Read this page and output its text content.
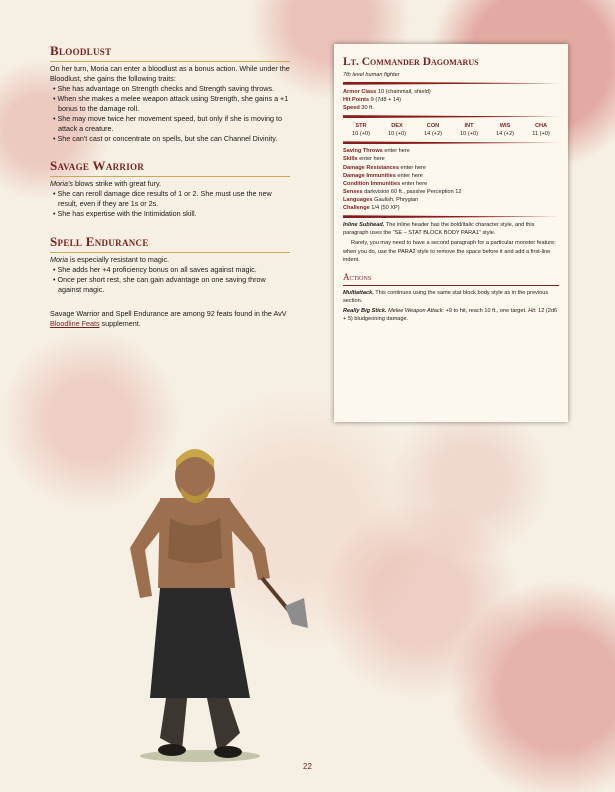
Bloodlust

On her turn, Moria can enter a bloodlust as a bonus action. While under the Bloodlust, she gains the following traits:

• She has advantage on Strength checks and Strength saving throws.
• When she makes a melee weapon attack using Strength, she gains a +1 bonus to the damage roll.
• She may move twice her movement speed, but only if she is moving to attack a creature.
• She can't cast or concentrate on spells, but she can Channel Divinity.
Savage Warrior

Moria's blows strike with great fury.

• She can reroll damage dice results of 1 or 2. She must use the new result, even if they are 1s or 2s.
• She has expertise with the Intimidation skill.
Spell Endurance

Moria is especially resistant to magic.

• She adds her +4 proficiency bonus on all saves against magic.
• Once per short rest, she can gain advantage on one saving throw against magic.

Savage Warrior and Spell Endurance are among 92 feats found in the AvV Bloodline Feats supplement.

Lt. Commander Dagomarus

7th level human fighter

Armor Class 10 (chainmail, shield)

Hit Points 9 (7d8 + 14)

Speed 30 ft.

STR
10 (+0)
DEX
10 (+0)
CON
14 (+2)
INT
10 (+0)
WIS
14 (+2)
CHA
11 (+0)

Saving Throws enter here

Skills enter here

Damage Resistances enter here

Damage Immunities enter here

Condition Immunities enter here

Senses darkvision 60 ft., passive Perception 12

Languages Gaulish, Phrygian

Challenge 1/4 (50 XP)

Inline Subhead. The inline header has the bold/italic character style, and this paragraph uses the “SE – STAT BLOCK BODY PARA1” style.

Rarely, you may need to have a second paragraph for a particular monster feature; when you do, use the PARA2 style to remove the space before it and add a first-line indent.

Actions

Multiattack. This continues using the same stat block body style as in the previous section.

Really Big Stick. Melee Weapon Attack: +9 to hit, reach 10 ft., one target. Hit: 12 (2d6 + 5) bludgeoning damage.

22
